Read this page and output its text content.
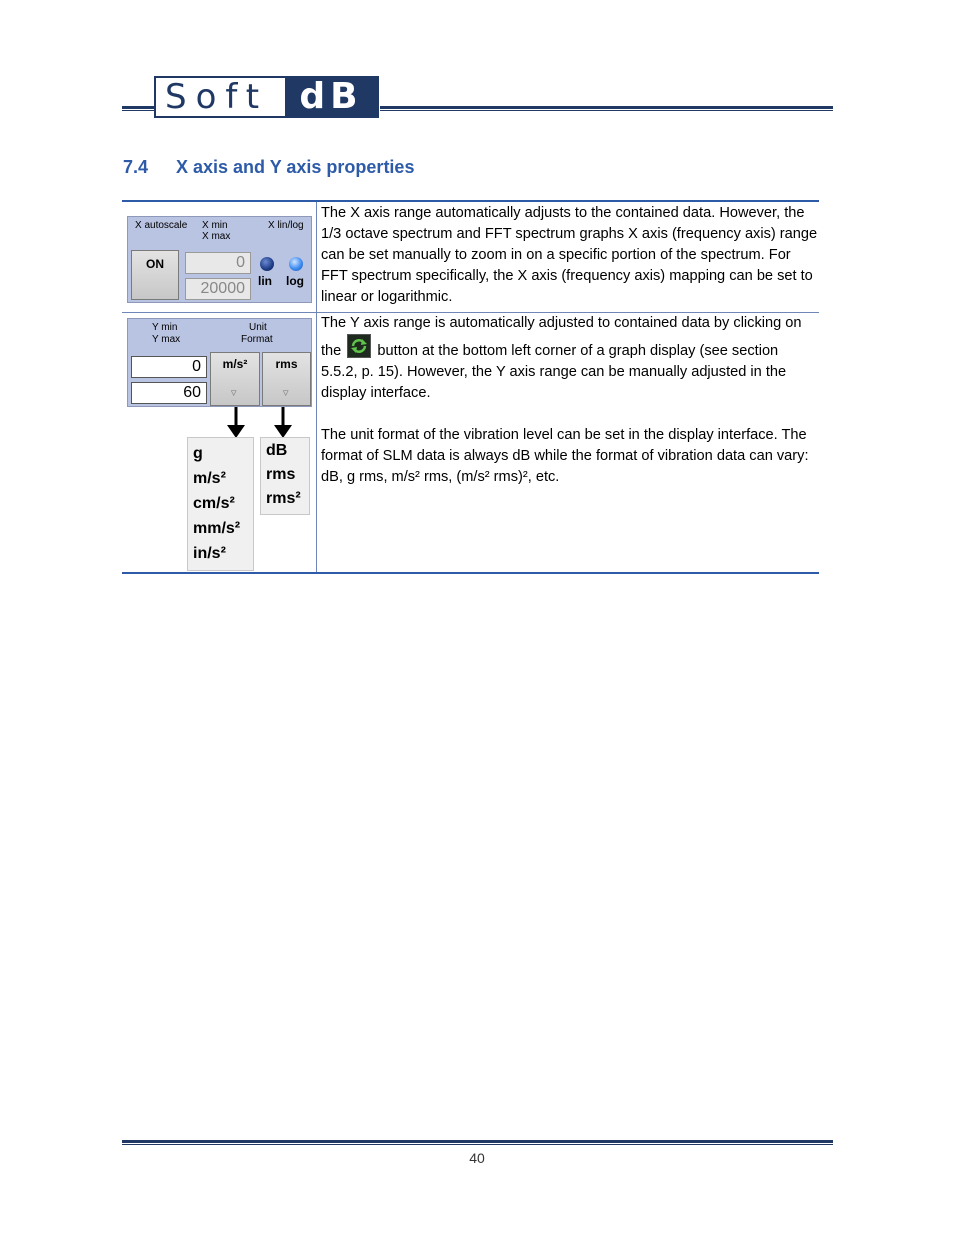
Soft dB
7.4 X axis and Y axis properties
X autoscale X min
X max
X lin/log
ON	0
20000	lin log

The X axis range automatically adjusts to the contained data. However, the 1/3 octave spectrum and FFT spectrum graphs X axis (frequency axis) range can be set manually to zoom in on a specific portion of the spectrum. For FFT spectrum specifically, the X axis (frequency axis) mapping can be set to linear or logarithmic.

Y min
Y max
Unit
Format
0
60
m/s²
▽
rms
▽
g
m/s²
cm/s²
mm/s²
in/s²
dB
rms
rms²

The Y axis range is automatically adjusted to contained data by clicking on the button at the bottom left corner of a graph display (see section 5.5.2, p. 15). However, the Y axis range can be manually adjusted in the display interface.

The unit format of the vibration level can be set in the display interface. The format of SLM data is always dB while the format of vibration data can vary: dB, g rms, m/s² rms, (m/s² rms)², etc.

40
